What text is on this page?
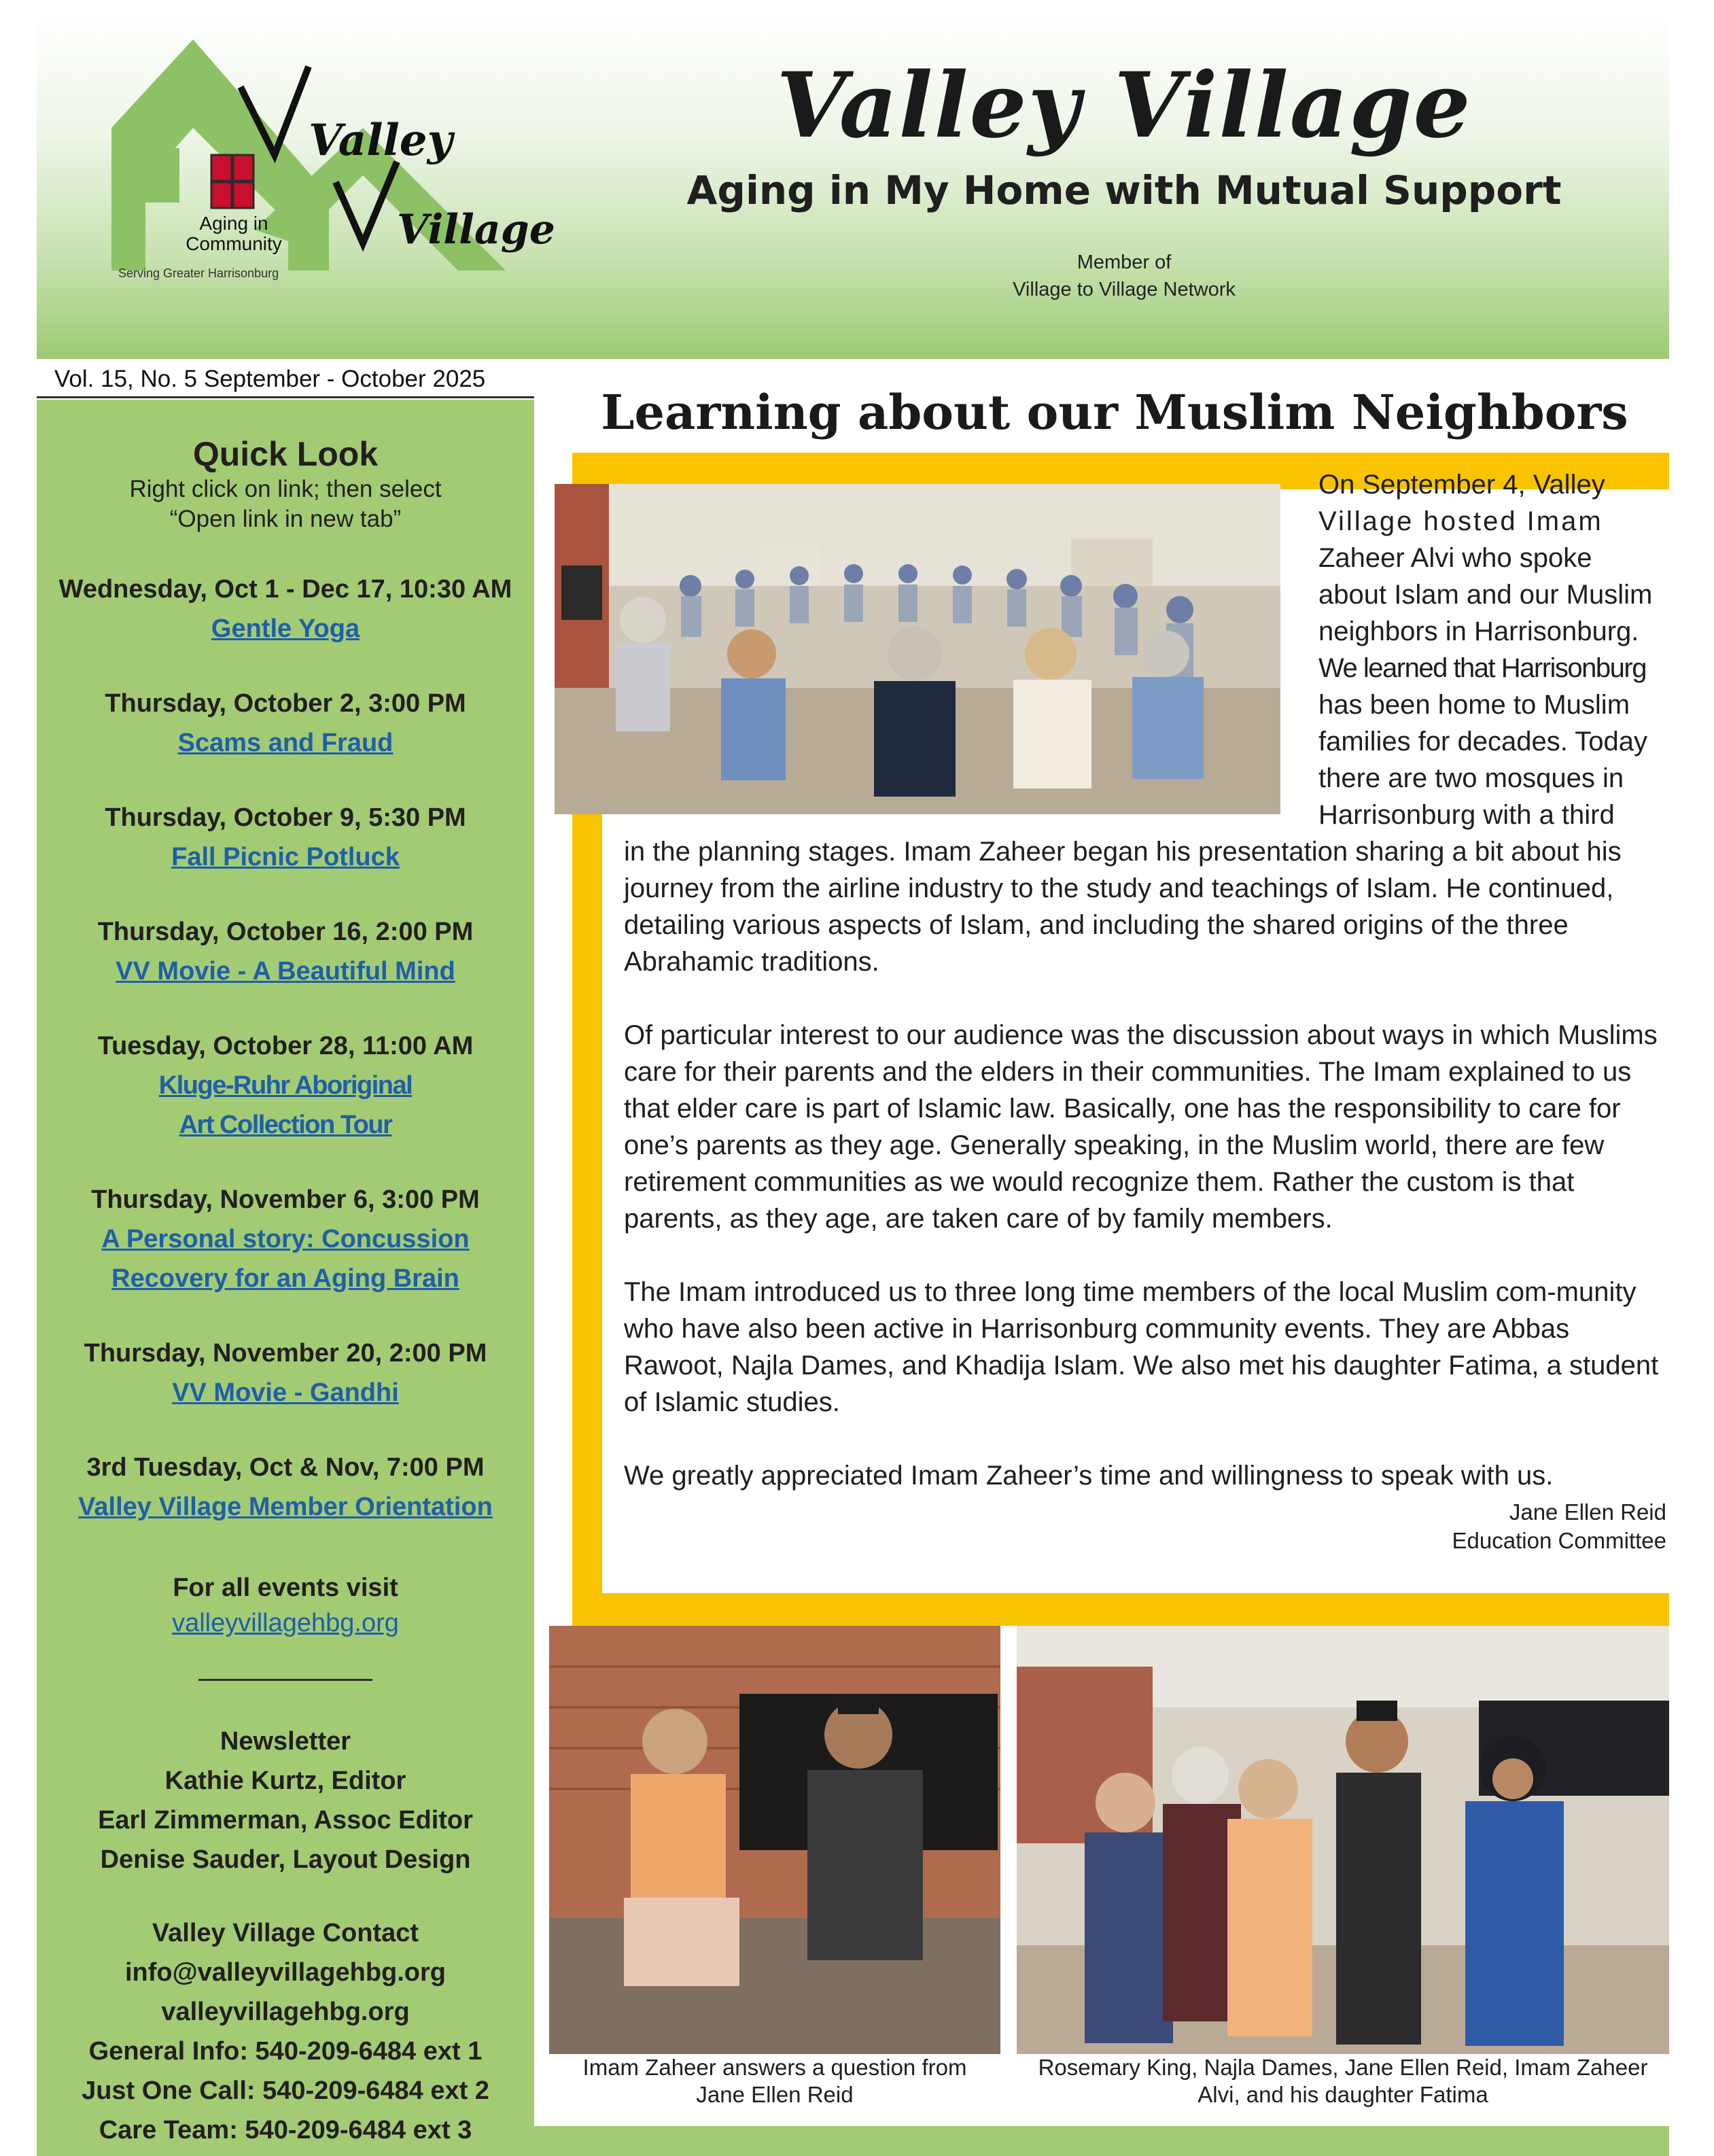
Valley
Village
Aging in
Community
Serving Greater Harrisonburg
Valley Village
Aging in My Home with Mutual Support
Member of
Village to Village Network
Vol. 15, No. 5 September - October 2025
Quick Look
Right click on link; then select “Open link in new tab”
Wednesday, Oct 1 - Dec 17, 10:30 AM
Gentle Yoga
Thursday, October 2, 3:00 PM
Scams and Fraud
Thursday, October 9, 5:30 PM
Fall Picnic Potluck
Thursday, October 16, 2:00 PM
VV Movie - A Beautiful Mind
Tuesday, October 28, 11:00 AM
Kluge-Ruhr Aboriginal
Art Collection Tour
Thursday, November 6, 3:00 PM
A Personal story: Concussion
Recovery for an Aging Brain
Thursday, November 20, 2:00 PM
VV Movie - Gandhi
3rd Tuesday, Oct & Nov, 7:00 PM
Valley Village Member Orientation
For all events visit
valleyvillagehbg.org
Newsletter
Kathie Kurtz, Editor
Earl Zimmerman, Assoc Editor
Denise Sauder, Layout Design
Valley Village Contact
info@valleyvillagehbg.org
valleyvillagehbg.org
General Info: 540-209-6484 ext 1
Just One Call: 540-209-6484 ext 2
Care Team: 540-209-6484 ext 3
Learning about our Muslim Neighbors
On September 4, Valley
Village hosted Imam
Zaheer Alvi who spoke
about Islam and our Muslim
neighbors in Harrisonburg.
We learned that Harrisonburg
has been home to Muslim
families for decades. Today
there are two mosques in
Harrisonburg with a third

in the planning stages. Imam Zaheer began his presentation sharing a bit about his journey from the airline industry to the study and teachings of Islam. He continued, detailing various aspects of Islam, and including the shared origins of the three Abrahamic traditions.

Of particular interest to our audience was the discussion about ways in which Muslims care for their parents and the elders in their communities. The Imam explained to us that elder care is part of Islamic law. Basically, one has the responsibility to care for one’s parents as they age. Generally speaking, in the Muslim world, there are few retirement communities as we would recognize them. Rather the custom is that parents, as they age, are taken care of by family members.

The Imam introduced us to three long time members of the local Muslim com-munity who have also been active in Harrisonburg community events. They are Abbas Rawoot, Najla Dames, and Khadija Islam. We also met his daughter Fatima, a student of Islamic studies.

We greatly appreciated Imam Zaheer’s time and willingness to speak with us.

Jane Ellen Reid
Education Committee
Imam Zaheer answers a question from
Jane Ellen Reid
Rosemary King, Najla Dames, Jane Ellen Reid, Imam Zaheer
Alvi, and his daughter Fatima
